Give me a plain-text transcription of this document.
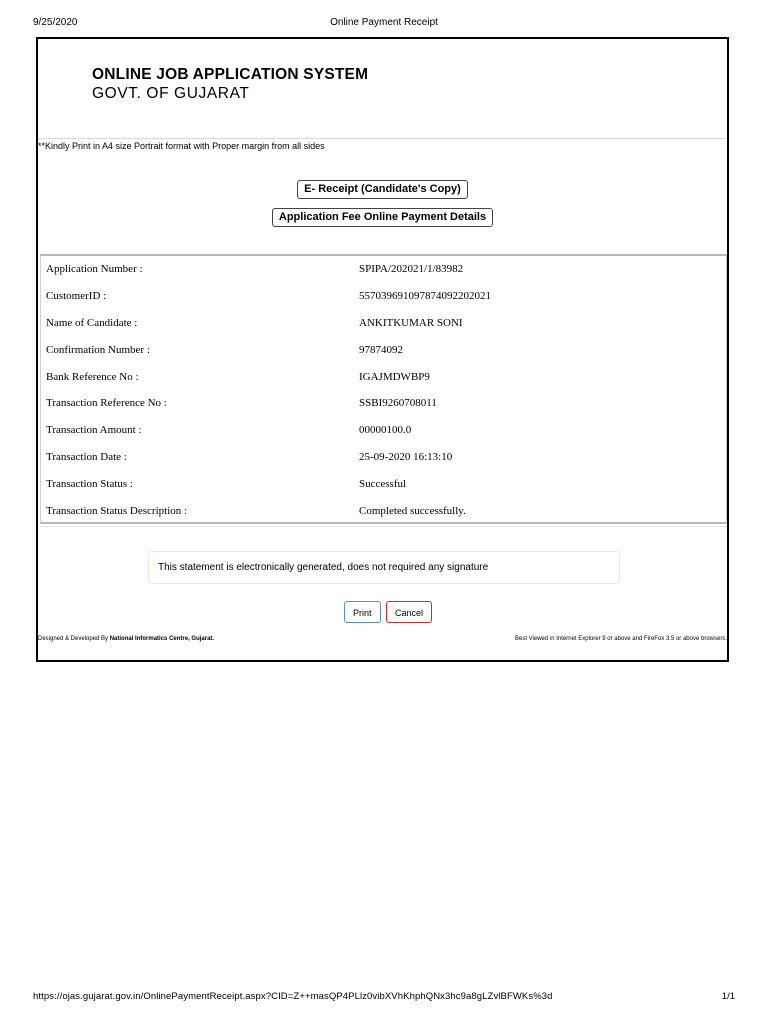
9/25/2020	Online Payment Receipt
ONLINE JOB APPLICATION SYSTEM
GOVT. OF GUJARAT
**Kindly Print in A4 size Portrait format with Proper margin from all sides
E- Receipt (Candidate's Copy)
Application Fee Online Payment Details
Application Number :	SPIPA/202021/1/83982
CustomerID :	557039691097874092202021
Name of Candidate :	ANKITKUMAR SONI
Confirmation Number :	97874092
Bank Reference No :	IGAJMDWBP9
Transaction Reference No :	SSBI9260708011
Transaction Amount :	00000100.0
Transaction Date :	25-09-2020 16:13:10
Transaction Status :	Successful
Transaction Status Description :	Completed successfully.
This statement is electronically generated, does not required any signature
Print	Cancel
Designed & Developed By National Informatics Centre, Gujarat.	Best Viewed in Internet Explorer 9 or above and FireFox 3.5 or above browsers.
https://ojas.gujarat.gov.in/OnlinePaymentReceipt.aspx?CID=Z++masQP4PLlz0vibXVhKhphQNx3hc9a8gLZvlBFWKs%3d	1/1
